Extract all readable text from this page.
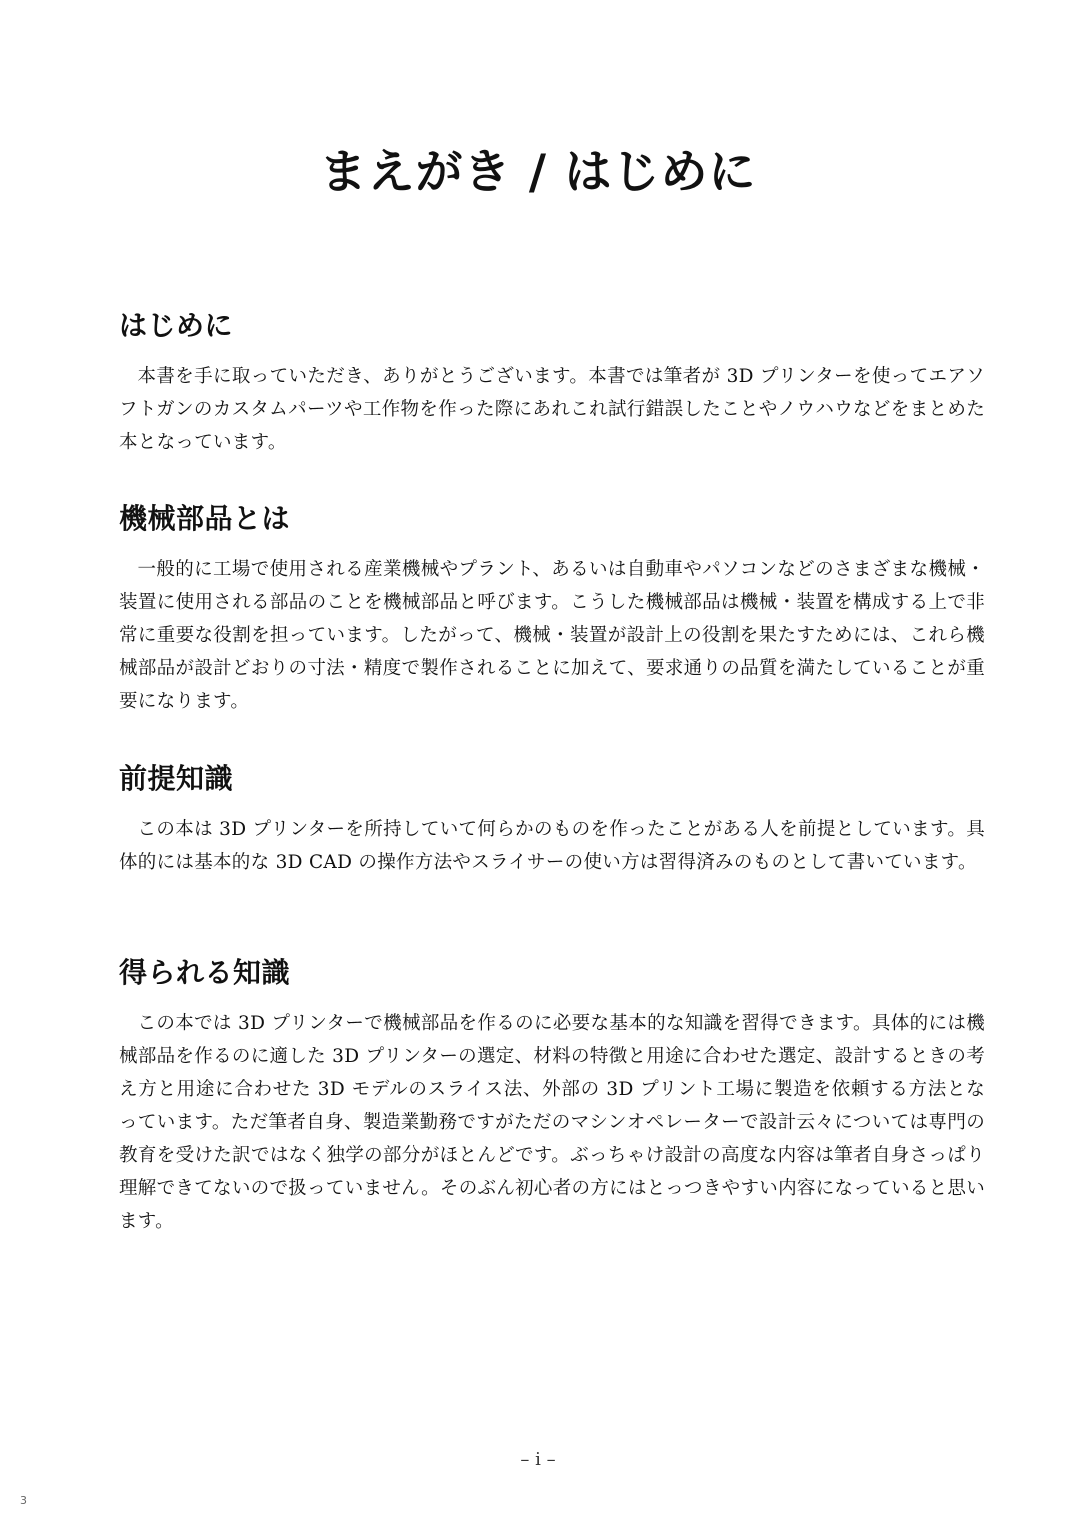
まえがき / はじめに
はじめに

本書を手に取っていただき、ありがとうございます。本書では筆者が 3D プリンターを使ってエアソフトガンのカスタムパーツや工作物を作った際にあれこれ試行錯誤したことやノウハウなどをまとめた本となっています。

機械部品とは

一般的に工場で使用される産業機械やプラント、あるいは自動車やパソコンなどのさまざまな機械・装置に使用される部品のことを機械部品と呼びます。こうした機械部品は機械・装置を構成する上で非常に重要な役割を担っています。したがって、機械・装置が設計上の役割を果たすためには、これら機械部品が設計どおりの寸法・精度で製作されることに加えて、要求通りの品質を満たしていることが重要になります。

前提知識

この本は 3D プリンターを所持していて何らかのものを作ったことがある人を前提としています。具体的には基本的な 3D CAD の操作方法やスライサーの使い方は習得済みのものとして書いています。

得られる知識

この本では 3D プリンターで機械部品を作るのに必要な基本的な知識を習得できます。具体的には機械部品を作るのに適した 3D プリンターの選定、材料の特徴と用途に合わせた選定、設計するときの考え方と用途に合わせた 3D モデルのスライス法、外部の 3D プリント工場に製造を依頼する方法となっています。ただ筆者自身、製造業勤務ですがただのマシンオペレーターで設計云々については専門の教育を受けた訳ではなく独学の部分がほとんどです。ぶっちゃけ設計の高度な内容は筆者自身さっぱり理解できてないので扱っていません。そのぶん初心者の方にはとっつきやすい内容になっていると思います。

– i –
3
